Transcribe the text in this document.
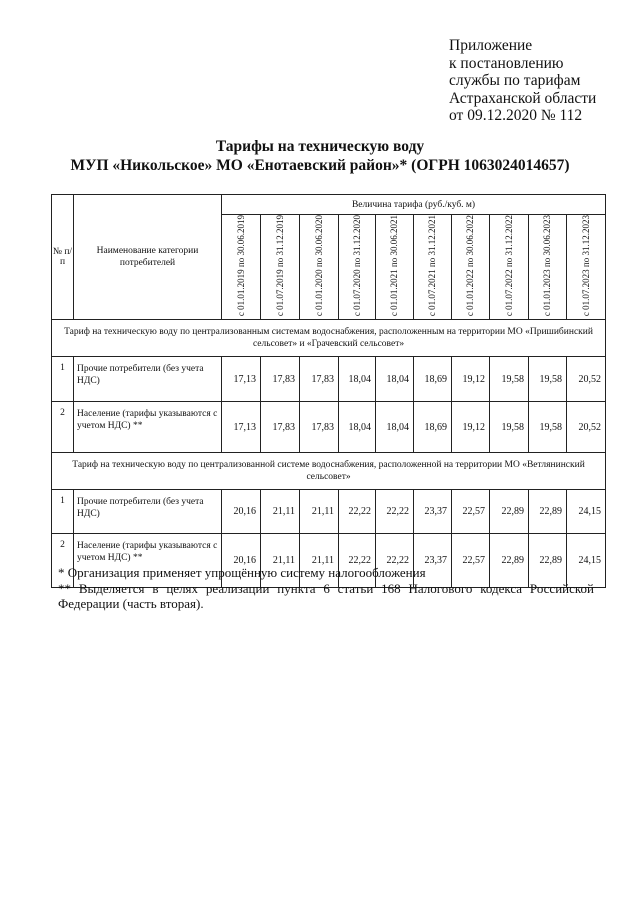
Приложение
к постановлению
службы по тарифам
Астраханской области
от 09.12.2020 № 112
Тарифы на техническую воду
МУП «Никольское» МО «Енотаевский район»* (ОГРН 1063024014657)
№ п/п	Наименование категории потребителей	Величина тарифа (руб./куб. м)									
		с 01.01.2019 по 30.06.2019	с 01.07.2019 по 31.12.2019	с 01.01.2020 по 30.06.2020	с 01.07.2020 по 31.12.2020	с 01.01.2021 по 30.06.2021	с 01.07.2021 по 31.12.2021	с 01.01.2022 по 30.06.2022	с 01.07.2022 по 31.12.2022	с 01.01.2023 по 30.06.2023	с 01.07.2023 по 31.12.2023
Тариф на техническую воду по централизованным системам водоснабжения, расположенным на территории МО «Пришибинский сельсовет» и «Грачевский сельсовет»											
1	Прочие потребители (без учета НДС)	17,13	17,83	17,83	18,04	18,04	18,69	19,12	19,58	19,58	20,52
2	Население (тарифы указываются с учетом НДС) **	17,13	17,83	17,83	18,04	18,04	18,69	19,12	19,58	19,58	20,52
Тариф на техническую воду по централизованной системе водоснабжения, расположенной на территории МО «Ветлянинский сельсовет»											
1	Прочие потребители (без учета НДС)	20,16	21,11	21,11	22,22	22,22	23,37	22,57	22,89	22,89	24,15
2	Население (тарифы указываются с учетом НДС) **	20,16	21,11	21,11	22,22	22,22	23,37	22,57	22,89	22,89	24,15
* Организация применяет упрощённую систему налогообложения
** Выделяется в целях реализации пункта 6 статьи 168 Налогового кодекса Российской Федерации (часть вторая).
